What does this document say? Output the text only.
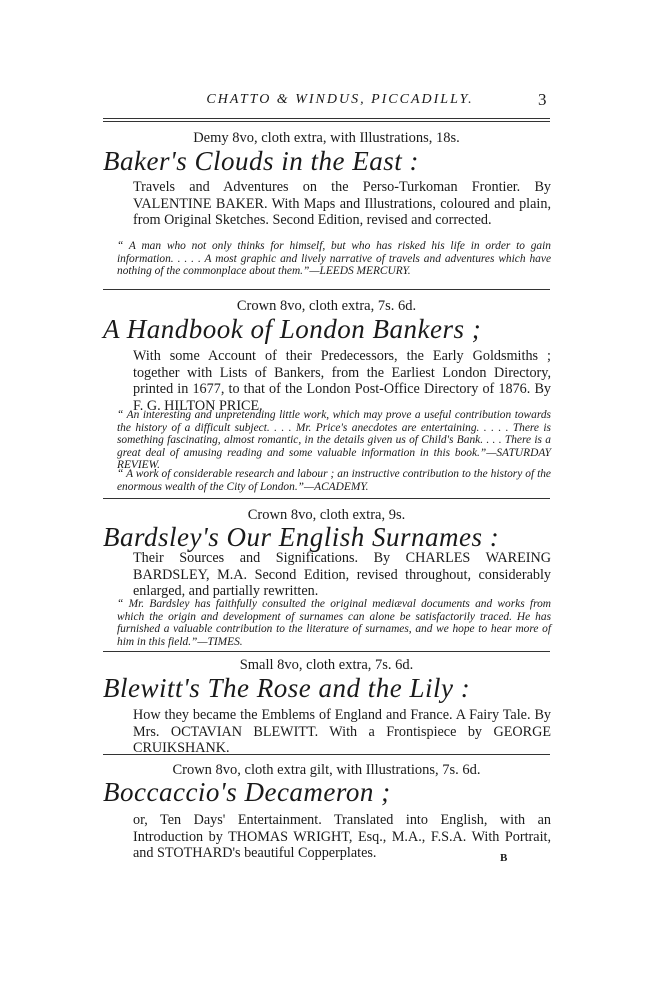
CHATTO & WINDUS, PICCADILLY.	3
Demy 8vo, cloth extra, with Illustrations, 18s.
Baker's Clouds in the East :
Travels and Adventures on the Perso-Turkoman Frontier. By VALENTINE BAKER. With Maps and Illustrations, coloured and plain, from Original Sketches. Second Edition, revised and corrected.
“ A man who not only thinks for himself, but who has risked his life in order to gain information. . . . . A most graphic and lively narrative of travels and adventures which have nothing of the commonplace about them.”—LEEDS MERCURY.
Crown 8vo, cloth extra, 7s. 6d.
A Handbook of London Bankers ;
With some Account of their Predecessors, the Early Goldsmiths ; together with Lists of Bankers, from the Earliest London Directory, printed in 1677, to that of the London Post-Office Directory of 1876. By F. G. HILTON PRICE.
“ An interesting and unpretending little work, which may prove a useful contribution towards the history of a difficult subject. . . . Mr. Price's anecdotes are entertaining. . . . . There is something fascinating, almost romantic, in the details given us of Child's Bank. . . . There is a great deal of amusing reading and some valuable information in this book.”—SATURDAY REVIEW.
“ A work of considerable research and labour ; an instructive contribution to the history of the enormous wealth of the City of London.”—ACADEMY.
Crown 8vo, cloth extra, 9s.
Bardsley's Our English Surnames :
Their Sources and Significations. By CHARLES WAREING BARDSLEY, M.A. Second Edition, revised throughout, considerably enlarged, and partially rewritten.
“ Mr. Bardsley has faithfully consulted the original mediæval documents and works from which the origin and development of surnames can alone be satisfactorily traced. He has furnished a valuable contribution to the literature of surnames, and we hope to hear more of him in this field.”—TIMES.
Small 8vo, cloth extra, 7s. 6d.
Blewitt's The Rose and the Lily :
How they became the Emblems of England and France. A Fairy Tale. By Mrs. OCTAVIAN BLEWITT. With a Frontispiece by GEORGE CRUIKSHANK.
Crown 8vo, cloth extra gilt, with Illustrations, 7s. 6d.
Boccaccio's Decameron ;
or, Ten Days' Entertainment. Translated into English, with an Introduction by THOMAS WRIGHT, Esq., M.A., F.S.A. With Portrait, and STOTHARD's beautiful Copperplates.	B
